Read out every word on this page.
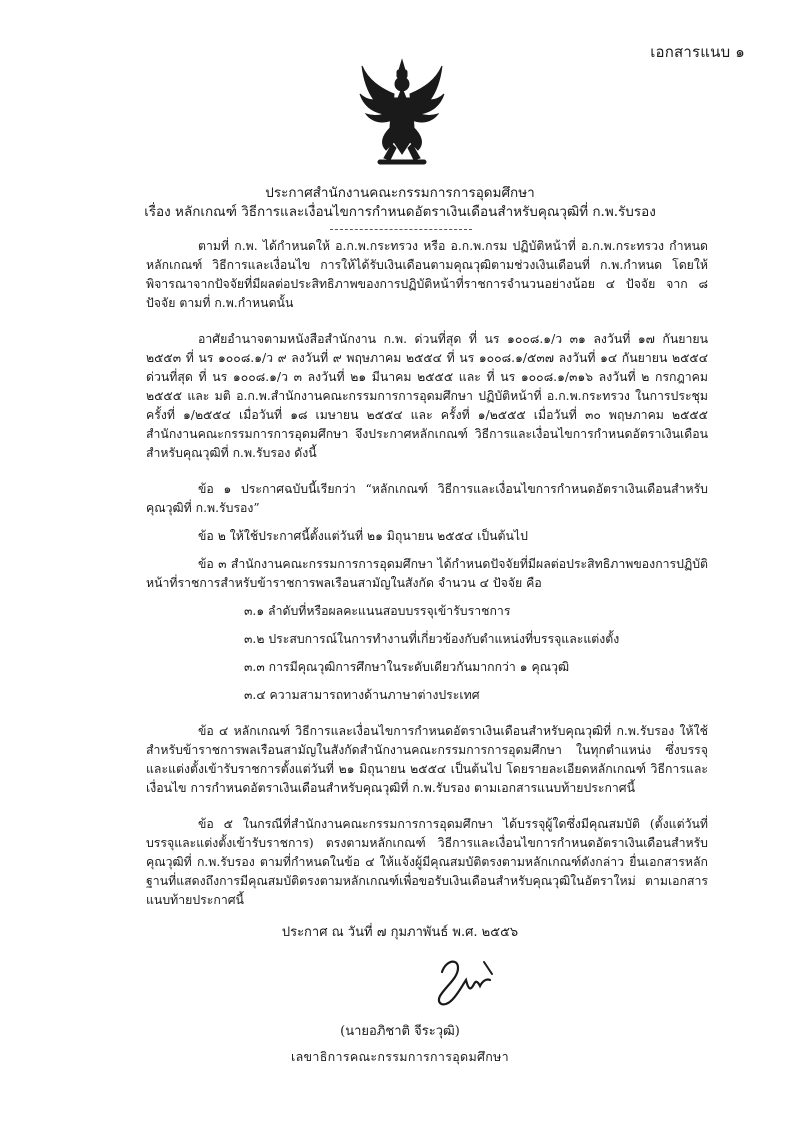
เอกสารแนบ ๑
ประกาศสำนักงานคณะกรรมการการอุดมศึกษา
เรื่อง หลักเกณฑ์ วิธีการและเงื่อนไขการกำหนดอัตราเงินเดือนสำหรับคุณวุฒิที่ ก.พ.รับรอง

ตามที่ ก.พ. ได้กำหนดให้ อ.ก.พ.กระทรวง หรือ อ.ก.พ.กรม ปฏิบัติหน้าที่ อ.ก.พ.กระทรวง กำหนดหลักเกณฑ์ วิธีการและเงื่อนไข การให้ได้รับเงินเดือนตามคุณวุฒิตามช่วงเงินเดือนที่ ก.พ.กำหนด โดยให้พิจารณาจากปัจจัยที่มีผลต่อประสิทธิภาพของการปฏิบัติหน้าที่ราชการจำนวนอย่างน้อย ๔ ปัจจัย จาก ๘ ปัจจัย ตามที่ ก.พ.กำหนดนั้น

อาศัยอำนาจตามหนังสือสำนักงาน ก.พ. ด่วนที่สุด ที่ นร ๑๐๐๘.๑/ว ๓๑ ลงวันที่ ๑๗ กันยายน ๒๕๕๓ ที่ นร ๑๐๐๘.๑/ว ๙ ลงวันที่ ๙ พฤษภาคม ๒๕๕๔ ที่ นร ๑๐๐๘.๑/๕๓๗ ลงวันที่ ๑๔ กันยายน ๒๕๕๔ ด่วนที่สุด ที่ นร ๑๐๐๘.๑/ว ๓ ลงวันที่ ๒๑ มีนาคม ๒๕๕๕ และ ที่ นร ๑๐๐๘.๑/๓๑๖ ลงวันที่ ๒ กรกฎาคม ๒๕๕๕ และ มติ อ.ก.พ.สำนักงานคณะกรรมการการอุดมศึกษา ปฏิบัติหน้าที่ อ.ก.พ.กระทรวง ในการประชุม ครั้งที่ ๑/๒๕๕๔ เมื่อวันที่ ๑๘ เมษายน ๒๕๕๔ และ ครั้งที่ ๑/๒๕๕๕ เมื่อวันที่ ๓๐ พฤษภาคม ๒๕๕๕ สำนักงานคณะกรรมการการอุดมศึกษา จึงประกาศหลักเกณฑ์ วิธีการและเงื่อนไขการกำหนดอัตราเงินเดือนสำหรับคุณวุฒิที่ ก.พ.รับรอง ดังนี้

ข้อ ๑ ประกาศฉบับนี้เรียกว่า “หลักเกณฑ์ วิธีการและเงื่อนไขการกำหนดอัตราเงินเดือนสำหรับคุณวุฒิที่ ก.พ.รับรอง”

ข้อ ๒ ให้ใช้ประกาศนี้ตั้งแต่วันที่ ๒๑ มิถุนายน ๒๕๕๔ เป็นต้นไป

ข้อ ๓ สำนักงานคณะกรรมการการอุดมศึกษา ได้กำหนดปัจจัยที่มีผลต่อประสิทธิภาพของการปฏิบัติหน้าที่ราชการสำหรับข้าราชการพลเรือนสามัญในสังกัด จำนวน ๔ ปัจจัย คือ

๓.๑ ลำดับที่หรือผลคะแนนสอบบรรจุเข้ารับราชการ

๓.๒ ประสบการณ์ในการทำงานที่เกี่ยวข้องกับตำแหน่งที่บรรจุและแต่งตั้ง

๓.๓ การมีคุณวุฒิการศึกษาในระดับเดียวกันมากกว่า ๑ คุณวุฒิ

๓.๔ ความสามารถทางด้านภาษาต่างประเทศ

ข้อ ๔ หลักเกณฑ์ วิธีการและเงื่อนไขการกำหนดอัตราเงินเดือนสำหรับคุณวุฒิที่ ก.พ.รับรอง ให้ใช้สำหรับข้าราชการพลเรือนสามัญในสังกัดสำนักงานคณะกรรมการการอุดมศึกษา ในทุกตำแหน่ง ซึ่งบรรจุและแต่งตั้งเข้ารับราชการตั้งแต่วันที่ ๒๑ มิถุนายน ๒๕๕๔ เป็นต้นไป โดยรายละเอียดหลักเกณฑ์ วิธีการและเงื่อนไข การกำหนดอัตราเงินเดือนสำหรับคุณวุฒิที่ ก.พ.รับรอง ตามเอกสารแนบท้ายประกาศนี้

ข้อ ๕ ในกรณีที่สำนักงานคณะกรรมการการอุดมศึกษา ได้บรรจุผู้ใดซึ่งมีคุณสมบัติ (ตั้งแต่วันที่บรรจุและแต่งตั้งเข้ารับราชการ) ตรงตามหลักเกณฑ์ วิธีการและเงื่อนไขการกำหนดอัตราเงินเดือนสำหรับคุณวุฒิที่ ก.พ.รับรอง ตามที่กำหนดในข้อ ๔ ให้แจ้งผู้มีคุณสมบัติตรงตามหลักเกณฑ์ดังกล่าว ยื่นเอกสารหลักฐานที่แสดงถึงการมีคุณสมบัติตรงตามหลักเกณฑ์เพื่อขอรับเงินเดือนสำหรับคุณวุฒิในอัตราใหม่ ตามเอกสารแนบท้ายประกาศนี้

ประกาศ ณ วันที่ ๗ กุมภาพันธ์ พ.ศ. ๒๕๕๖
(นายอภิชาติ จีระวุฒิ)
เลขาธิการคณะกรรมการการอุดมศึกษา
